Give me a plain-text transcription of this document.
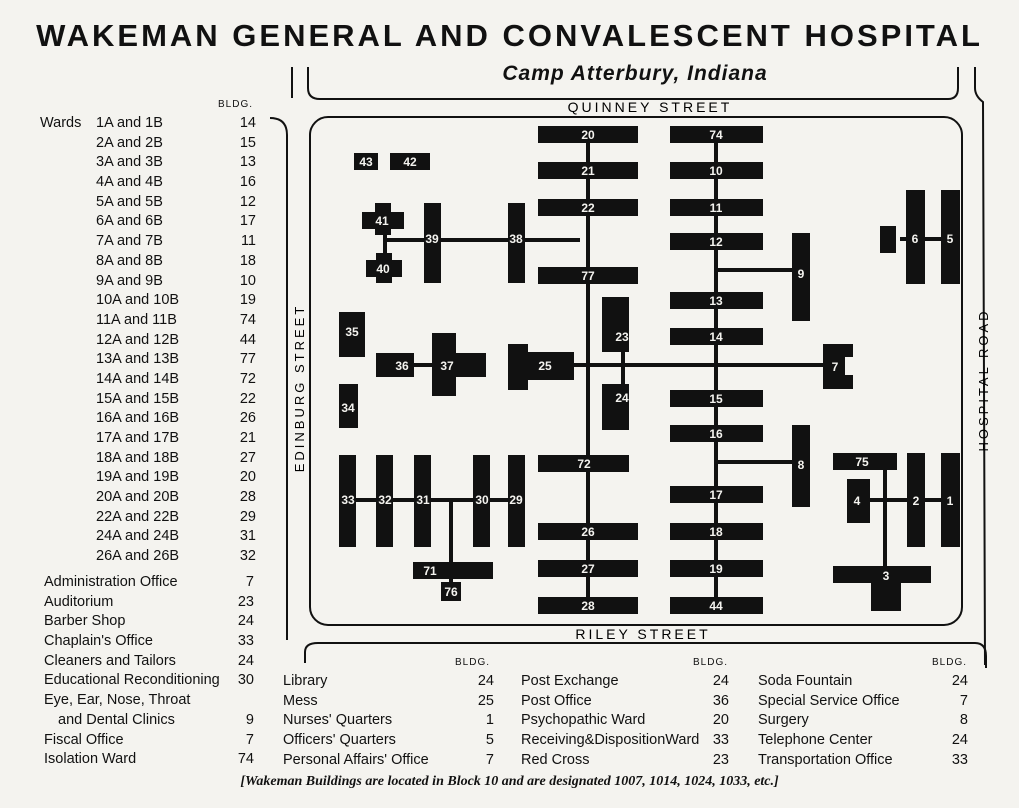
WAKEMAN GENERAL AND CONVALESCENT HOSPITAL
Camp Atterbury, Indiana
QUINNEY STREET
RILEY STREET
EDINBURG STREET	HOSPITAL ROAD
20
21
22
77
72
26
27
28
74
10
11
12
13
14
15
16
17
18
19
44
23
24
25
43	42
41
40
39	38
35
36	37
34
33 32 31	30 29
71
76
6 5
9
7
8	75
4	2 1
3
BLDG.
Wards 1A and 1B	14
2A and 2B	15
3A and 3B	13
4A and 4B	16
5A and 5B	12
6A and 6B	17
7A and 7B	11
8A and 8B	18
9A and 9B	10
10A and 10B	19
11A and 11B	74
12A and 12B	44
13A and 13B	77
14A and 14B	72
15A and 15B	22
16A and 16B	26
17A and 17B	21
18A and 18B	27
19A and 19B	20
20A and 20B	28
22A and 22B	29
24A and 24B	31
26A and 26B	32
BLDG.	BLDG.	BLDG.
Administration Office	7
Auditorium	23
Barber Shop	24
Chaplain's Office	33
Cleaners and Tailors	24
Educational Reconditioning 30
Eye, Ear, Nose, Throat
and Dental Clinics	9
Fiscal Office	7
Isolation Ward	74
Library	24
Mess	25
Nurses' Quarters	1
Officers' Quarters	5
Personal Affairs' Office	7
Post Exchange	24
Post Office	36
Psychopathic Ward	20
Receiving&DispositionWard 33
Red Cross	23
Soda Fountain	24
Special Service Office	7
Surgery	8
Telephone Center	24
Transportation Office	33
[Wakeman Buildings are located in Block 10 and are designated 1007, 1014, 1024, 1033, etc.]
